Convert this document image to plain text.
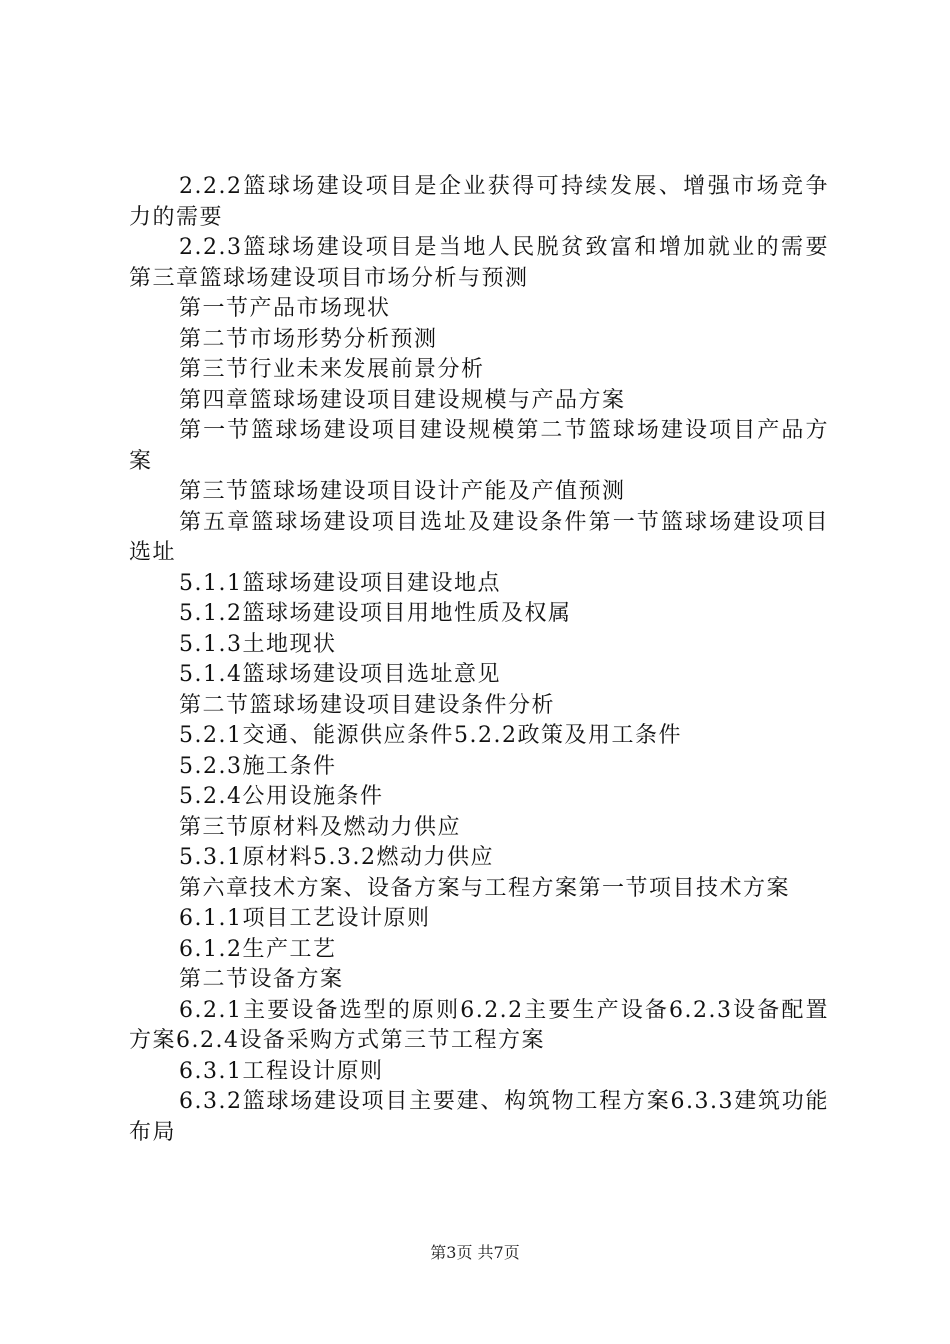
2.2.2篮球场建设项目是企业获得可持续发展、增强市场竞争力的需要

2.2.3篮球场建设项目是当地人民脱贫致富和增加就业的需要第三章篮球场建设项目市场分析与预测

第一节产品市场现状

第二节市场形势分析预测

第三节行业未来发展前景分析

第四章篮球场建设项目建设规模与产品方案

第一节篮球场建设项目建设规模第二节篮球场建设项目产品方案

第三节篮球场建设项目设计产能及产值预测

第五章篮球场建设项目选址及建设条件第一节篮球场建设项目选址

5.1.1篮球场建设项目建设地点

5.1.2篮球场建设项目用地性质及权属

5.1.3土地现状

5.1.4篮球场建设项目选址意见

第二节篮球场建设项目建设条件分析

5.2.1交通、能源供应条件5.2.2政策及用工条件

5.2.3施工条件

5.2.4公用设施条件

第三节原材料及燃动力供应

5.3.1原材料5.3.2燃动力供应

第六章技术方案、设备方案与工程方案第一节项目技术方案

6.1.1项目工艺设计原则

6.1.2生产工艺

第二节设备方案

6.2.1主要设备选型的原则6.2.2主要生产设备6.2.3设备配置方案6.2.4设备采购方式第三节工程方案

6.3.1工程设计原则

6.3.2篮球场建设项目主要建、构筑物工程方案6.3.3建筑功能布局

第3页 共7页
